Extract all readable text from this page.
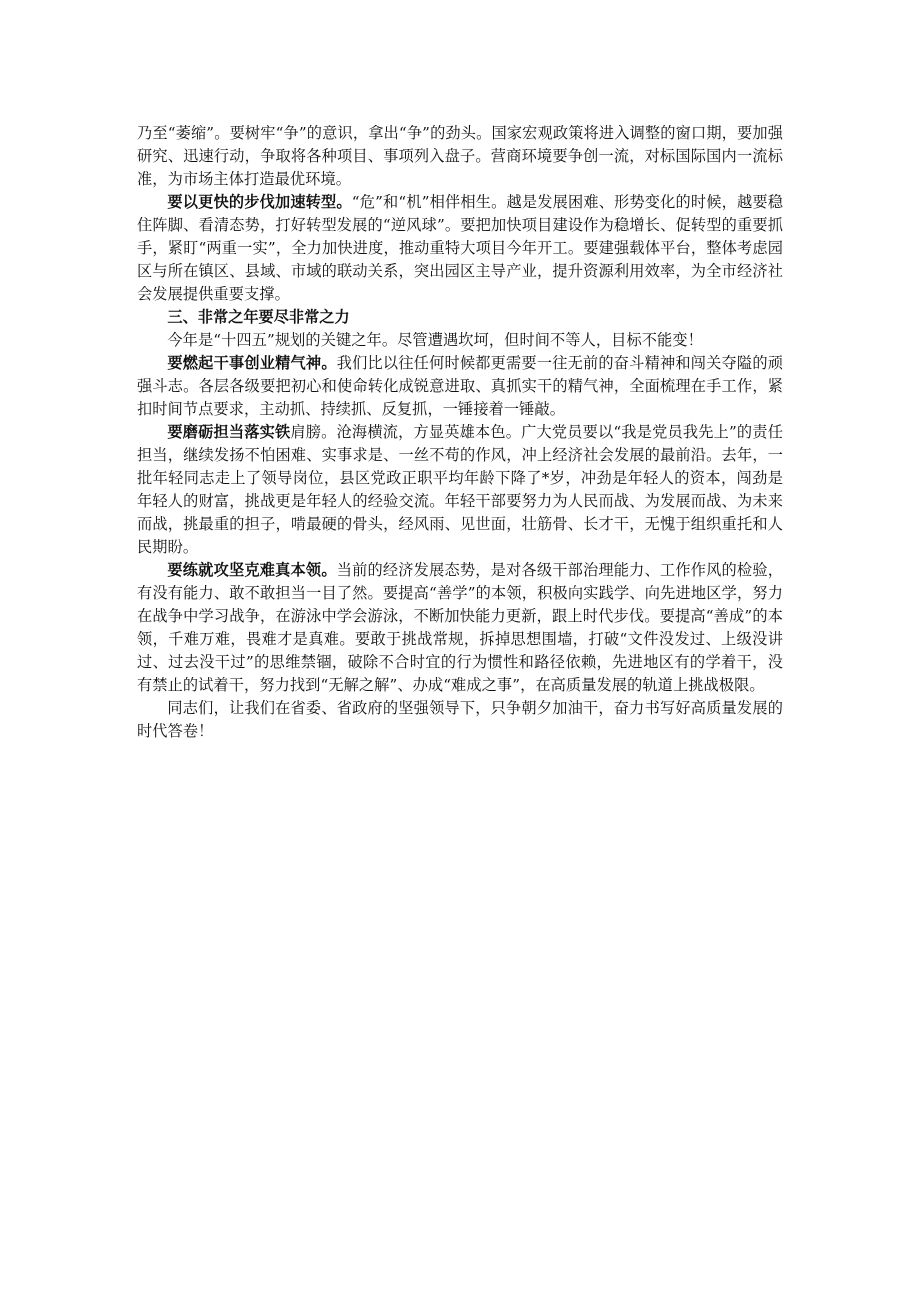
乃至“萎缩”。要树牢“争”的意识，拿出“争”的劲头。国家宏观政策将进入调整的窗口期，要加强研究、迅速行动，争取将各种项目、事项列入盘子。营商环境要争创一流，对标国际国内一流标准，为市场主体打造最优环境。

要以更快的步伐加速转型。“危”和“机”相伴相生。越是发展困难、形势变化的时候，越要稳住阵脚、看清态势，打好转型发展的“逆风球”。要把加快项目建设作为稳增长、促转型的重要抓手，紧盯“两重一实”，全力加快进度，推动重特大项目今年开工。要建强载体平台，整体考虑园区与所在镇区、县域、市域的联动关系，突出园区主导产业，提升资源利用效率，为全市经济社会发展提供重要支撑。

三、非常之年要尽非常之力

今年是“十四五”规划的关键之年。尽管遭遇坎坷，但时间不等人，目标不能变！

要燃起干事创业精气神。我们比以往任何时候都更需要一往无前的奋斗精神和闯关夺隘的顽强斗志。各层各级要把初心和使命转化成锐意进取、真抓实干的精气神，全面梳理在手工作，紧扣时间节点要求，主动抓、持续抓、反复抓，一锤接着一锤敲。

要磨砺担当落实铁肩膀。沧海横流，方显英雄本色。广大党员要以“我是党员我先上”的责任担当，继续发扬不怕困难、实事求是、一丝不苟的作风，冲上经济社会发展的最前沿。去年，一批年轻同志走上了领导岗位，县区党政正职平均年龄下降了*岁，冲劲是年轻人的资本，闯劲是年轻人的财富，挑战更是年轻人的经验交流。年轻干部要努力为人民而战、为发展而战、为未来而战，挑最重的担子，啃最硬的骨头，经风雨、见世面，壮筋骨、长才干，无愧于组织重托和人民期盼。

要练就攻坚克难真本领。当前的经济发展态势，是对各级干部治理能力、工作作风的检验，有没有能力、敢不敢担当一目了然。要提高“善学”的本领，积极向实践学、向先进地区学，努力在战争中学习战争，在游泳中学会游泳，不断加快能力更新，跟上时代步伐。要提高“善成”的本领，千难万难，畏难才是真难。要敢于挑战常规，拆掉思想围墙，打破“文件没发过、上级没讲过、过去没干过”的思维禁锢，破除不合时宜的行为惯性和路径依赖，先进地区有的学着干，没有禁止的试着干，努力找到“无解之解”、办成“难成之事”，在高质量发展的轨道上挑战极限。

同志们，让我们在省委、省政府的坚强领导下，只争朝夕加油干，奋力书写好高质量发展的时代答卷！
